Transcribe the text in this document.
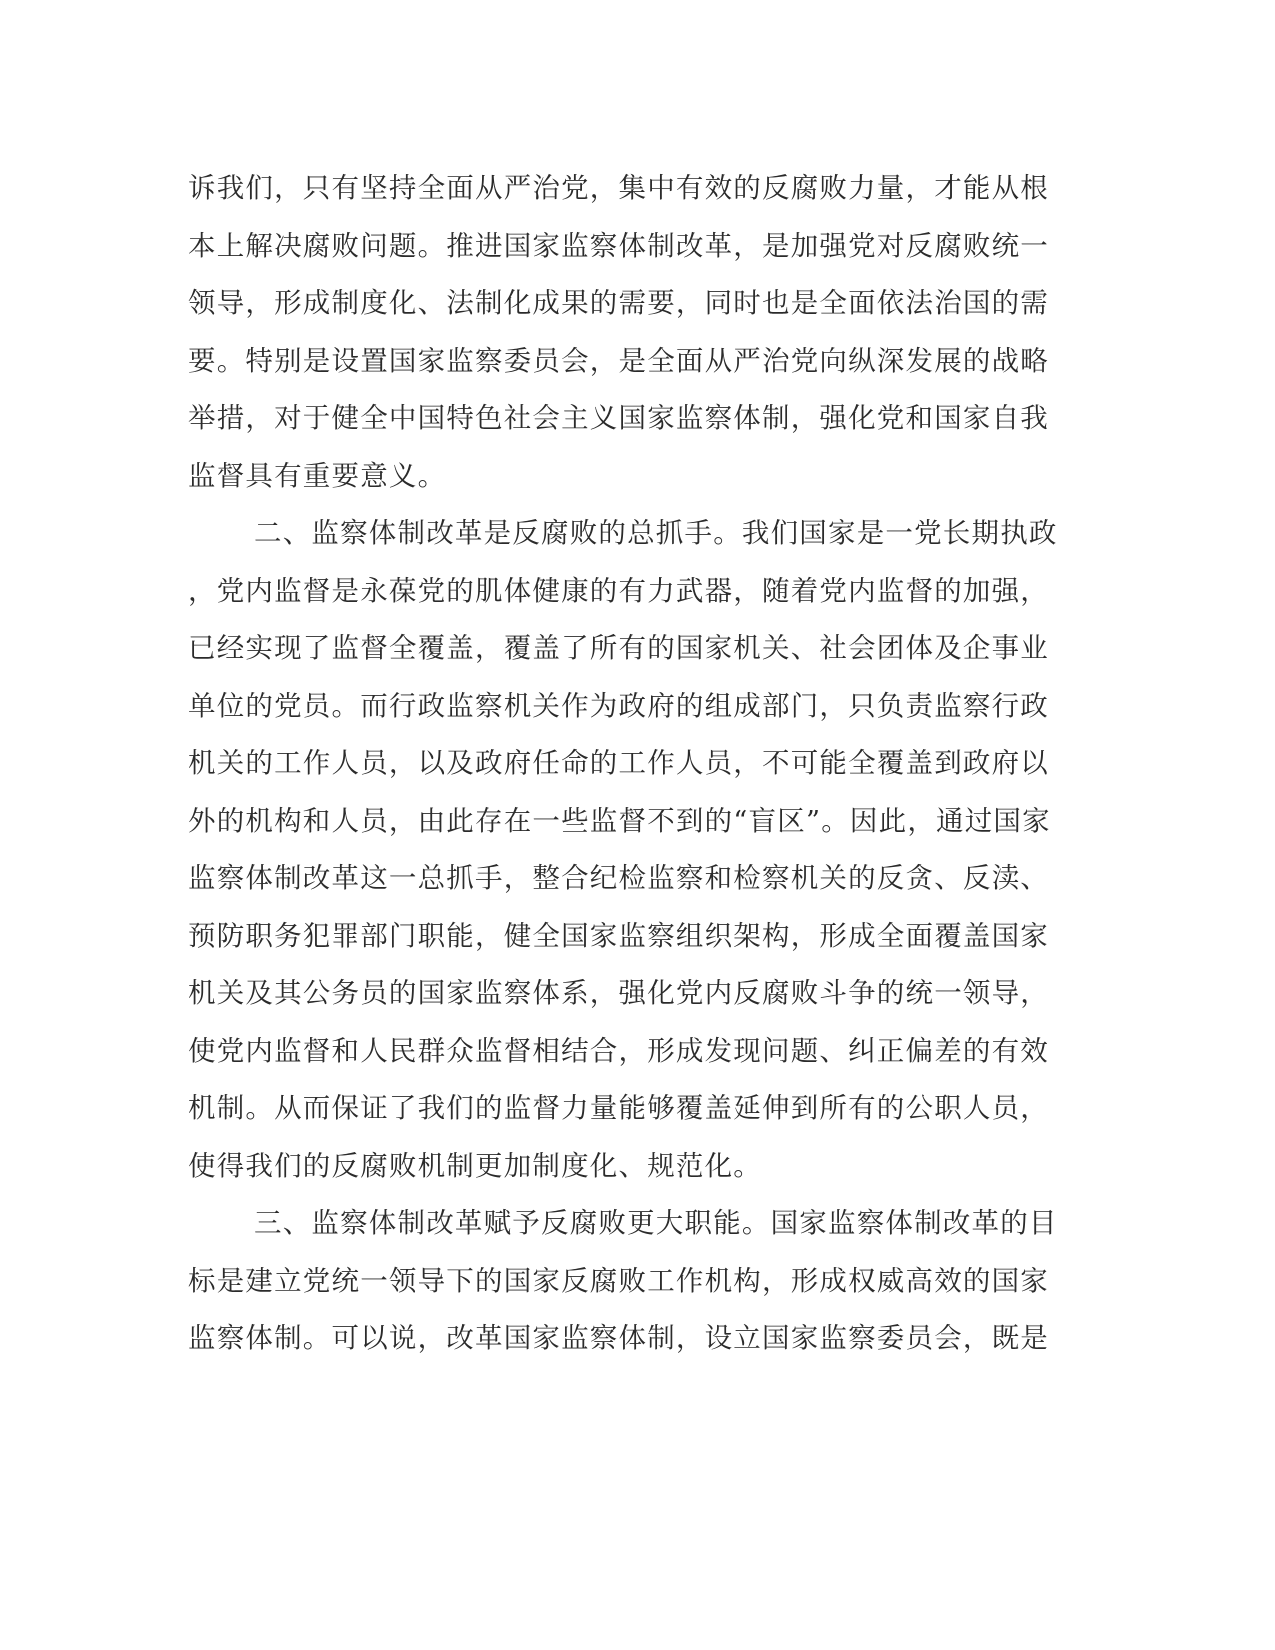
诉我们，只有坚持全面从严治党，集中有效的反腐败力量，才能从根
本上解决腐败问题。推进国家监察体制改革，是加强党对反腐败统一
领导，形成制度化、法制化成果的需要，同时也是全面依法治国的需
要。特别是设置国家监察委员会，是全面从严治党向纵深发展的战略
举措，对于健全中国特色社会主义国家监察体制，强化党和国家自我
监督具有重要意义。
二、监察体制改革是反腐败的总抓手。我们国家是一党长期执政
，党内监督是永葆党的肌体健康的有力武器，随着党内监督的加强，
已经实现了监督全覆盖，覆盖了所有的国家机关、社会团体及企事业
单位的党员。而行政监察机关作为政府的组成部门，只负责监察行政
机关的工作人员，以及政府任命的工作人员，不可能全覆盖到政府以
外的机构和人员，由此存在一些监督不到的“盲区”。因此，通过国家
监察体制改革这一总抓手，整合纪检监察和检察机关的反贪、反渎、
预防职务犯罪部门职能，健全国家监察组织架构，形成全面覆盖国家
机关及其公务员的国家监察体系，强化党内反腐败斗争的统一领导，
使党内监督和人民群众监督相结合，形成发现问题、纠正偏差的有效
机制。从而保证了我们的监督力量能够覆盖延伸到所有的公职人员，
使得我们的反腐败机制更加制度化、规范化。
三、监察体制改革赋予反腐败更大职能。国家监察体制改革的目
标是建立党统一领导下的国家反腐败工作机构，形成权威高效的国家
监察体制。可以说，改革国家监察体制，设立国家监察委员会，既是
